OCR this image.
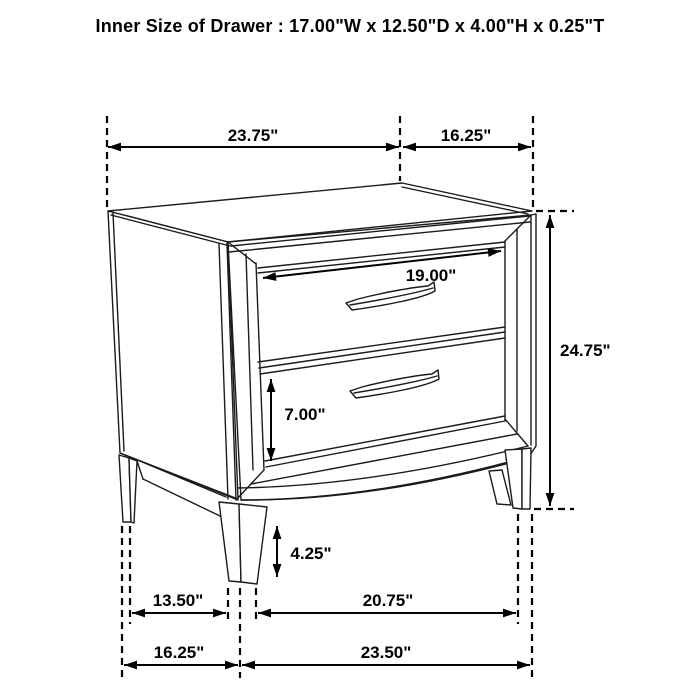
23.75"	16.25"
19.00"
24.75"
7.00"
4.25"
13.50"	20.75"
16.25"	23.50"
Inner Size of Drawer : 17.00"W x 12.50"D x 4.00"H x 0.25"T
